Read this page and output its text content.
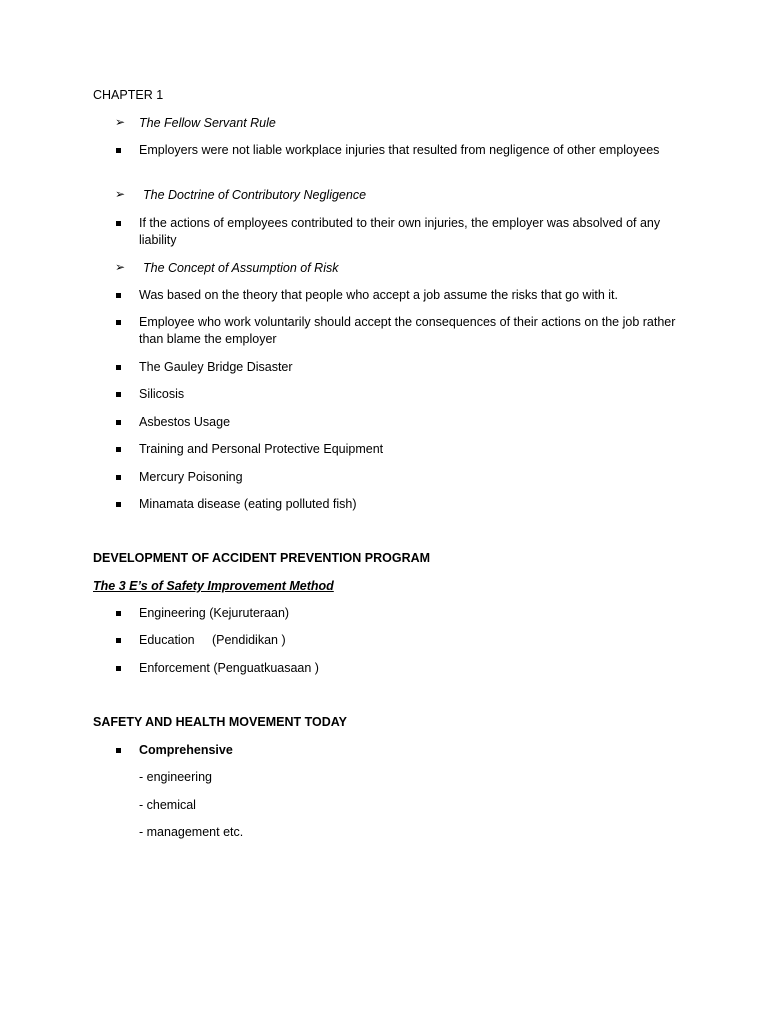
CHAPTER 1
➢ The Fellow Servant Rule
Employers were not liable workplace injuries that resulted from negligence of other employees
➢ The Doctrine of Contributory Negligence
If the actions of employees contributed to their own injuries, the employer was absolved of any liability
➢ The Concept of Assumption of Risk
Was based on the theory that people who accept a job assume the risks that go with it.
Employee who work voluntarily should accept the consequences of their actions on the job rather than blame the employer
The Gauley Bridge Disaster
Silicosis
Asbestos Usage
Training and Personal Protective Equipment
Mercury Poisoning
Minamata disease (eating polluted fish)
DEVELOPMENT OF ACCIDENT PREVENTION PROGRAM
The 3 E’s of Safety Improvement Method
Engineering (Kejuruteraan)
Education     (Pendidikan )
Enforcement (Penguatkuasaan )
SAFETY AND HEALTH MOVEMENT TODAY
Comprehensive
- engineering
- chemical
- management etc.
